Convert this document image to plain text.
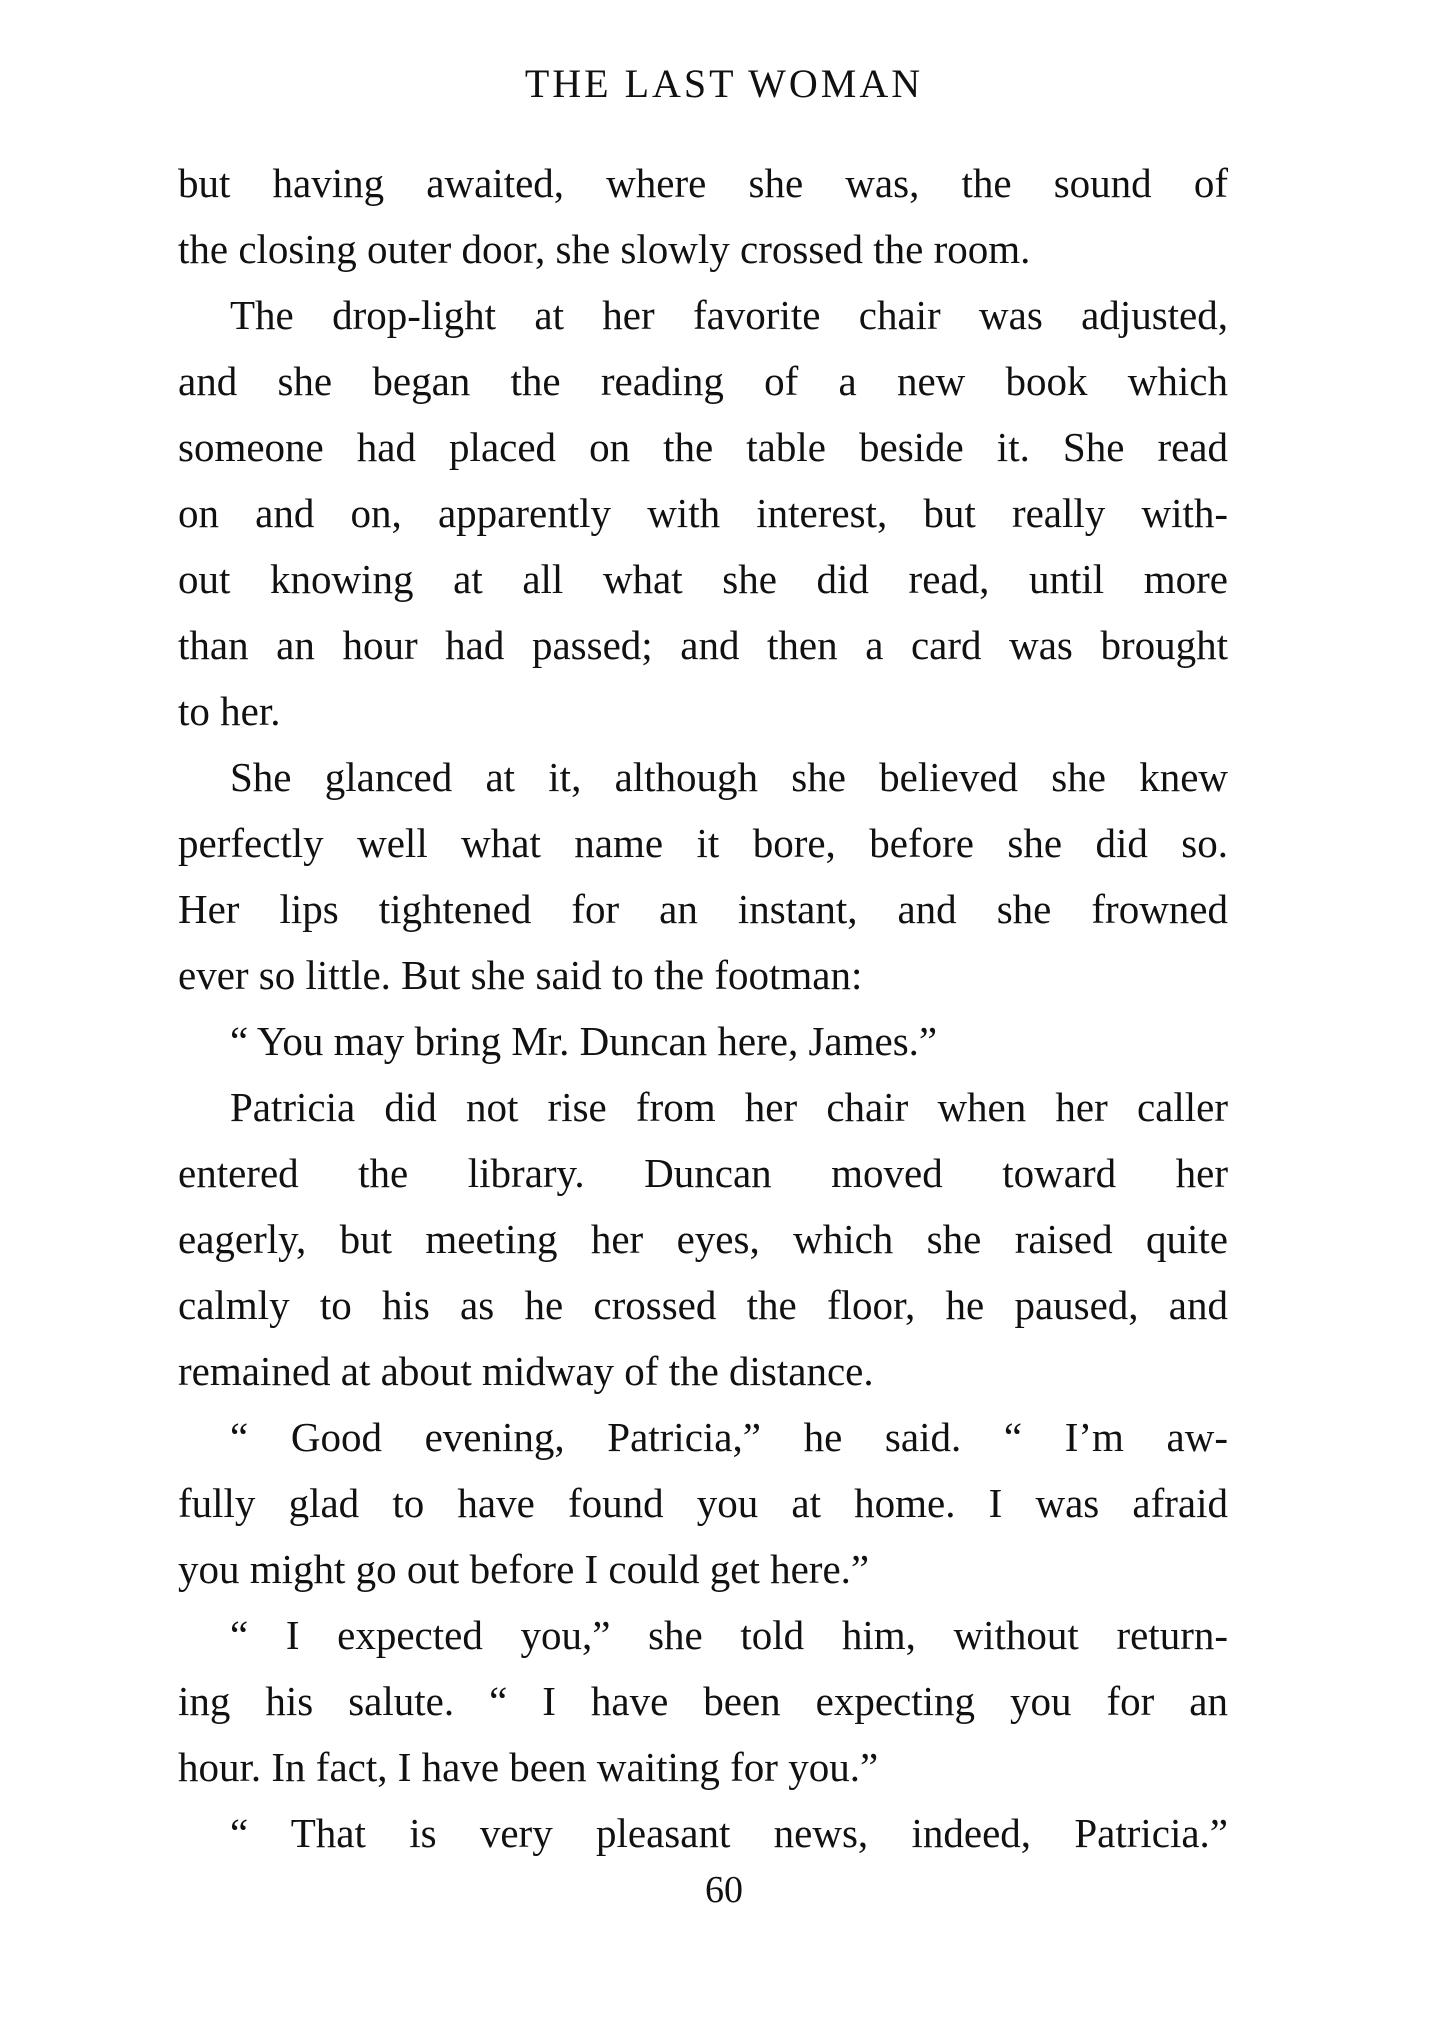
THE LAST WOMAN
but having awaited, where she was, the sound of
the closing outer door, she slowly crossed the room.
The drop-light at her favorite chair was adjusted,
and she began the reading of a new book which
someone had placed on the table beside it. She read
on and on, apparently with interest, but really with-
out knowing at all what she did read, until more
than an hour had passed; and then a card was brought
to her.
She glanced at it, although she believed she knew
perfectly well what name it bore, before she did so.
Her lips tightened for an instant, and she frowned
ever so little. But she said to the footman:
“ You may bring Mr. Duncan here, James.”
Patricia did not rise from her chair when her caller
entered the library. Duncan moved toward her
eagerly, but meeting her eyes, which she raised quite
calmly to his as he crossed the floor, he paused, and
remained at about midway of the distance.
“ Good evening, Patricia,” he said. “ I’m aw-
fully glad to have found you at home. I was afraid
you might go out before I could get here.”
“ I expected you,” she told him, without return-
ing his salute. “ I have been expecting you for an
hour. In fact, I have been waiting for you.”
“ That is very pleasant news, indeed, Patricia.”
60
